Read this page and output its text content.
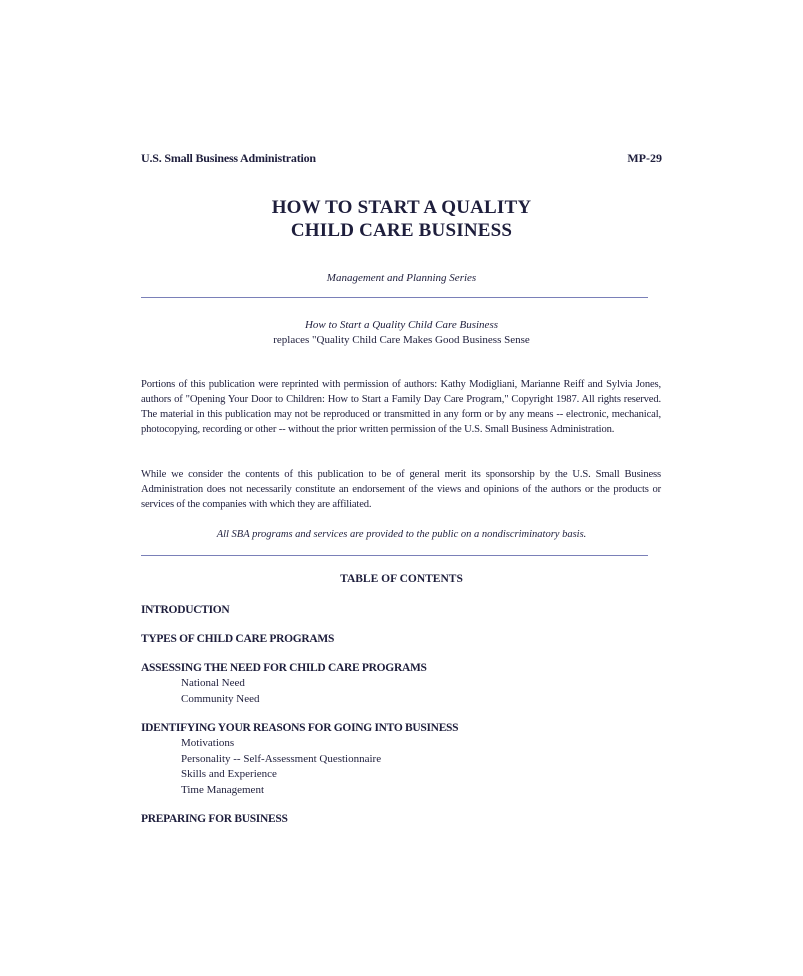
U.S. Small Business Administration	MP-29
HOW TO START A QUALITY
CHILD CARE BUSINESS
Management and Planning Series
How to Start a Quality Child Care Business
replaces "Quality Child Care Makes Good Business Sense
Portions of this publication were reprinted with permission of authors: Kathy Modigliani, Marianne Reiff and Sylvia Jones, authors of "Opening Your Door to Children: How to Start a Family Day Care Program," Copyright 1987. All rights reserved. The material in this publication may not be reproduced or transmitted in any form or by any means -- electronic, mechanical, photocopying, recording or other -- without the prior written permission of the U.S. Small Business Administration.
While we consider the contents of this publication to be of general merit its sponsorship by the U.S. Small Business Administration does not necessarily constitute an endorsement of the views and opinions of the authors or the products or services of the companies with which they are affiliated.
All SBA programs and services are provided to the public on a nondiscriminatory basis.
TABLE OF CONTENTS
INTRODUCTION
TYPES OF CHILD CARE PROGRAMS
ASSESSING THE NEED FOR CHILD CARE PROGRAMS
National Need
Community Need
IDENTIFYING YOUR REASONS FOR GOING INTO BUSINESS
Motivations
Personality -- Self-Assessment Questionnaire
Skills and Experience
Time Management
PREPARING FOR BUSINESS
